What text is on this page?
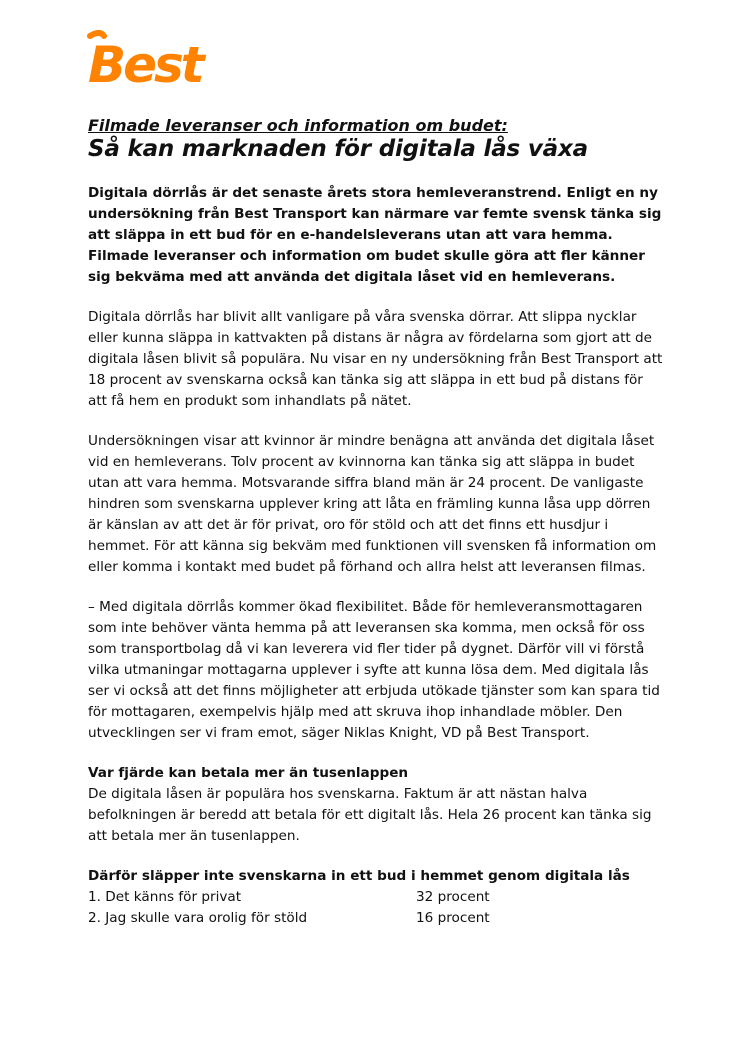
Best

Filmade leveranser och information om budet:

Så kan marknaden för digitala lås växa

Digitala dörrlås är det senaste årets stora hemleveranstrend. Enligt en ny undersökning från Best Transport kan närmare var femte svensk tänka sig att släppa in ett bud för en e-handelsleverans utan att vara hemma. Filmade leveranser och information om budet skulle göra att fler känner sig bekväma med att använda det digitala låset vid en hemleverans.

Digitala dörrlås har blivit allt vanligare på våra svenska dörrar. Att slippa nycklar eller kunna släppa in kattvakten på distans är några av fördelarna som gjort att de digitala låsen blivit så populära. Nu visar en ny undersökning från Best Transport att 18 procent av svenskarna också kan tänka sig att släppa in ett bud på distans för att få hem en produkt som inhandlats på nätet.

Undersökningen visar att kvinnor är mindre benägna att använda det digitala låset vid en hemleverans. Tolv procent av kvinnorna kan tänka sig att släppa in budet utan att vara hemma. Motsvarande siffra bland män är 24 procent. De vanligaste hindren som svenskarna upplever kring att låta en främling kunna låsa upp dörren är känslan av att det är för privat, oro för stöld och att det finns ett husdjur i hemmet. För att känna sig bekväm med funktionen vill svensken få information om eller komma i kontakt med budet på förhand och allra helst att leveransen filmas.

– Med digitala dörrlås kommer ökad flexibilitet. Både för hemleveransmottagaren som inte behöver vänta hemma på att leveransen ska komma, men också för oss som transportbolag då vi kan leverera vid fler tider på dygnet. Därför vill vi förstå vilka utmaningar mottagarna upplever i syfte att kunna lösa dem. Med digitala lås ser vi också att det finns möjligheter att erbjuda utökade tjänster som kan spara tid för mottagaren, exempelvis hjälp med att skruva ihop inhandlade möbler. Den utvecklingen ser vi fram emot, säger Niklas Knight, VD på Best Transport.

Var fjärde kan betala mer än tusenlappen

De digitala låsen är populära hos svenskarna. Faktum är att nästan halva befolkningen är beredd att betala för ett digitalt lås. Hela 26 procent kan tänka sig att betala mer än tusenlappen.

Därför släpper inte svenskarna in ett bud i hemmet genom digitala lås

1. Det känns för privat	32 procent
2. Jag skulle vara orolig för stöld	16 procent
